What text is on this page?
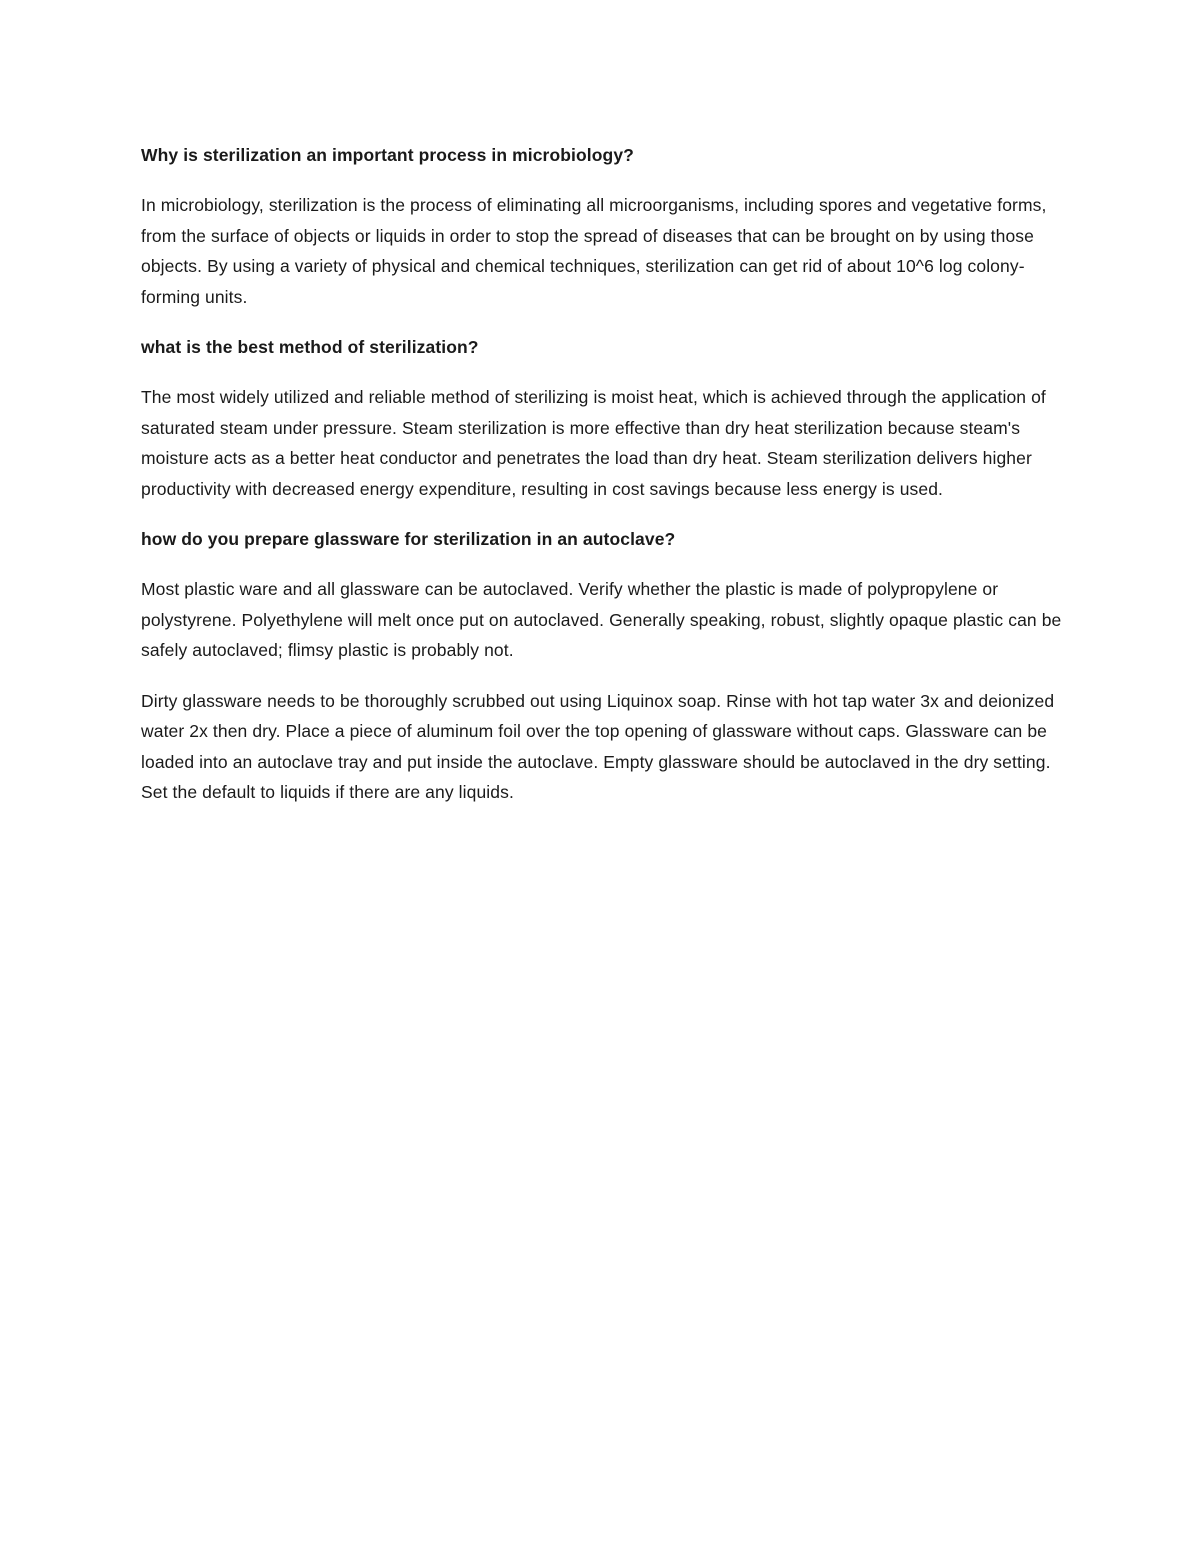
Why is sterilization an important process in microbiology?

In microbiology, sterilization is the process of eliminating all microorganisms, including spores and vegetative forms, from the surface of objects or liquids in order to stop the spread of diseases that can be brought on by using those objects. By using a variety of physical and chemical techniques, sterilization can get rid of about 10^6 log colony-forming units.

what is the best method of sterilization?

The most widely utilized and reliable method of sterilizing is moist heat, which is achieved through the application of saturated steam under pressure. Steam sterilization is more effective than dry heat sterilization because steam's moisture acts as a better heat conductor and penetrates the load than dry heat. Steam sterilization delivers higher productivity with decreased energy expenditure, resulting in cost savings because less energy is used.

how do you prepare glassware for sterilization in an autoclave?

Most plastic ware and all glassware can be autoclaved. Verify whether the plastic is made of polypropylene or polystyrene. Polyethylene will melt once put on autoclaved. Generally speaking, robust, slightly opaque plastic can be safely autoclaved; flimsy plastic is probably not.

Dirty glassware needs to be thoroughly scrubbed out using Liquinox soap. Rinse with hot tap water 3x and deionized water 2x then dry. Place a piece of aluminum foil over the top opening of glassware without caps. Glassware can be loaded into an autoclave tray and put inside the autoclave. Empty glassware should be autoclaved in the dry setting. Set the default to liquids if there are any liquids.
